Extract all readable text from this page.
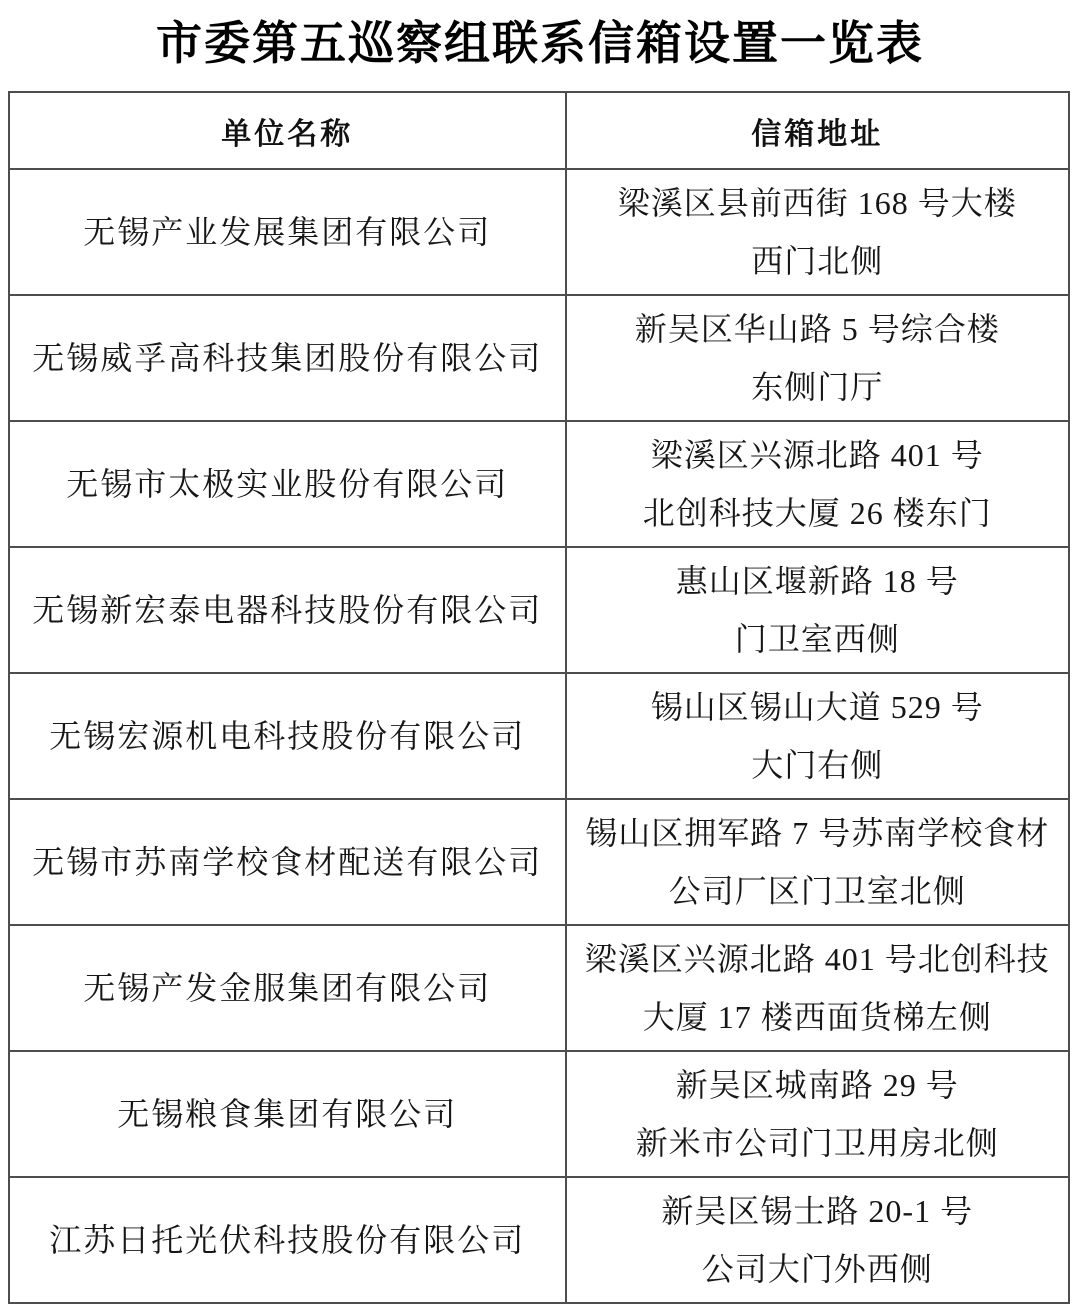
市委第五巡察组联系信箱设置一览表
单位名称	信箱地址

无锡产业发展集团有限公司	梁溪区县前西街 168 号大楼
西门北侧

无锡威孚高科技集团股份有限公司	新吴区华山路 5 号综合楼
东侧门厅

无锡市太极实业股份有限公司	梁溪区兴源北路 401 号
北创科技大厦 26 楼东门

无锡新宏泰电器科技股份有限公司	惠山区堰新路 18 号
门卫室西侧

无锡宏源机电科技股份有限公司	锡山区锡山大道 529 号
大门右侧

无锡市苏南学校食材配送有限公司	锡山区拥军路 7 号苏南学校食材
公司厂区门卫室北侧

无锡产发金服集团有限公司	梁溪区兴源北路 401 号北创科技
大厦 17 楼西面货梯左侧

无锡粮食集团有限公司	新吴区城南路 29 号
新米市公司门卫用房北侧

江苏日托光伏科技股份有限公司	新吴区锡士路 20-1 号
公司大门外西侧
